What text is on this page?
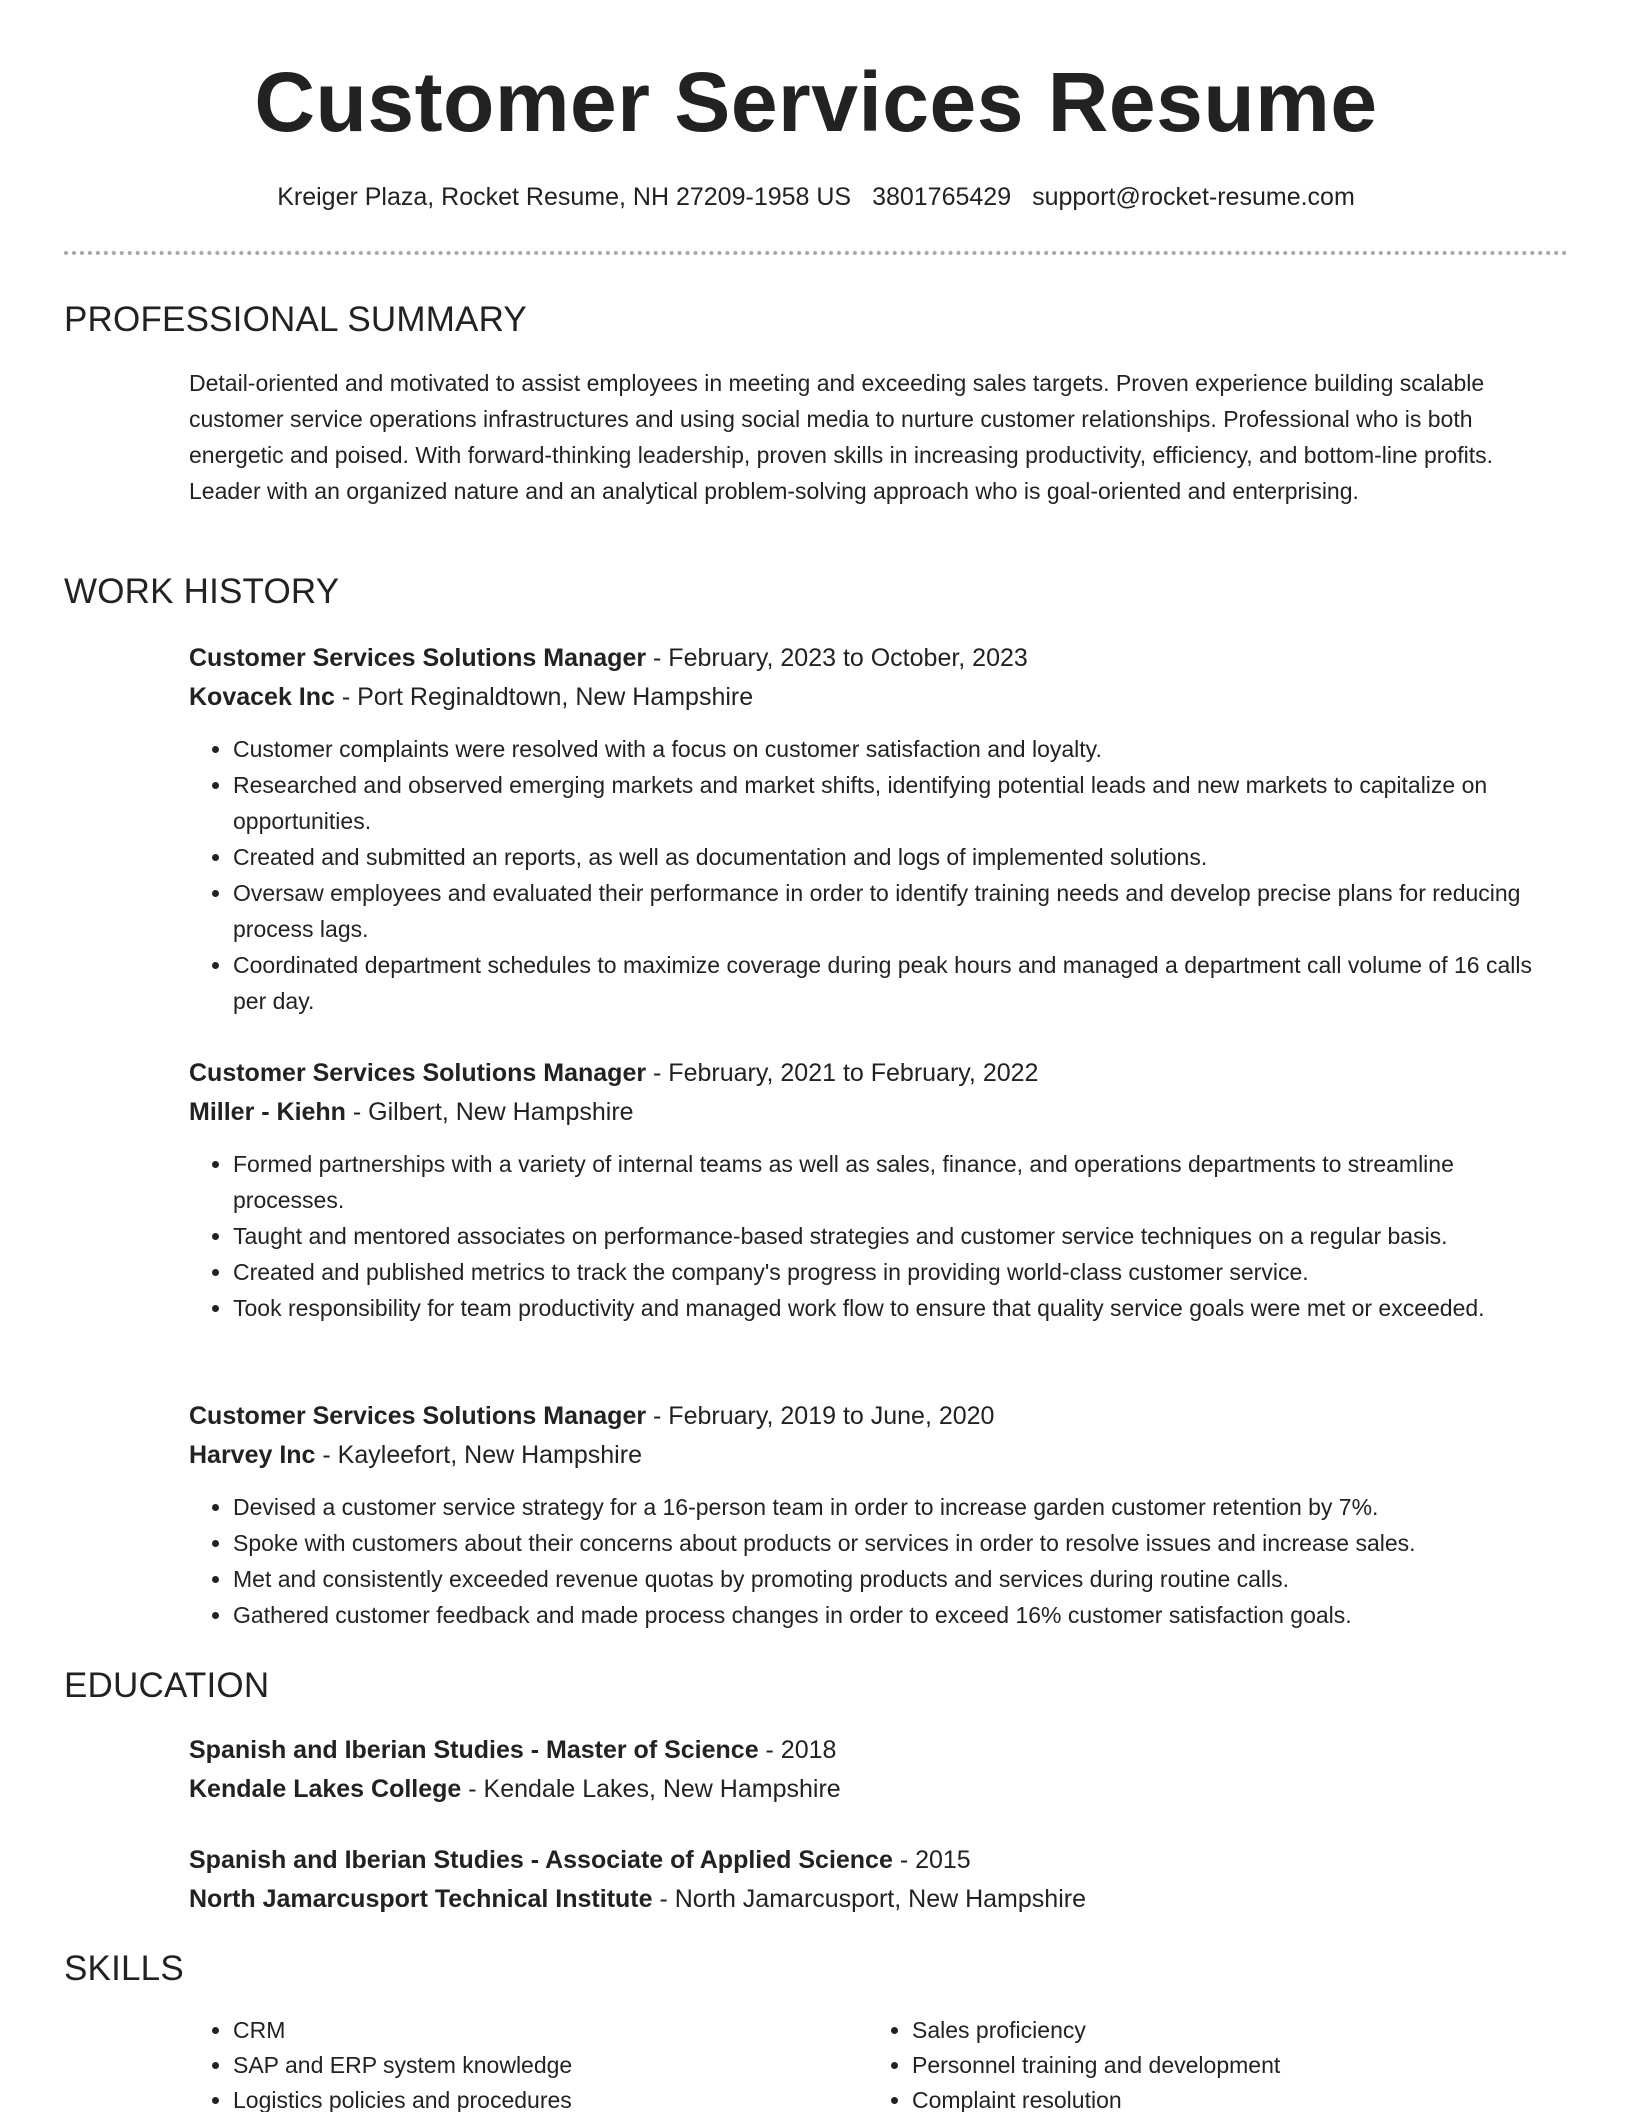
Customer Services Resume
Kreiger Plaza, Rocket Resume, NH 27209-1958 US 3801765429 support@rocket-resume.com
PROFESSIONAL SUMMARY

Detail-oriented and motivated to assist employees in meeting and exceeding sales targets. Proven experience building scalable customer service operations infrastructures and using social media to nurture customer relationships. Professional who is both energetic and poised. With forward-thinking leadership, proven skills in increasing productivity, efficiency, and bottom-line profits. Leader with an organized nature and an analytical problem-solving approach who is goal-oriented and enterprising.

WORK HISTORY

Customer Services Solutions Manager - February, 2023 to October, 2023

Kovacek Inc - Port Reginaldtown, New Hampshire

• Customer complaints were resolved with a focus on customer satisfaction and loyalty.
• Researched and observed emerging markets and market shifts, identifying potential leads and new markets to capitalize on opportunities.
• Created and submitted an reports, as well as documentation and logs of implemented solutions.
• Oversaw employees and evaluated their performance in order to identify training needs and develop precise plans for reducing process lags.
• Coordinated department schedules to maximize coverage during peak hours and managed a department call volume of 16 calls per day.

Customer Services Solutions Manager - February, 2021 to February, 2022

Miller - Kiehn - Gilbert, New Hampshire

• Formed partnerships with a variety of internal teams as well as sales, finance, and operations departments to streamline processes.
• Taught and mentored associates on performance-based strategies and customer service techniques on a regular basis.
• Created and published metrics to track the company's progress in providing world-class customer service.
• Took responsibility for team productivity and managed work flow to ensure that quality service goals were met or exceeded.

Customer Services Solutions Manager - February, 2019 to June, 2020

Harvey Inc - Kayleefort, New Hampshire

• Devised a customer service strategy for a 16-person team in order to increase garden customer retention by 7%.
• Spoke with customers about their concerns about products or services in order to resolve issues and increase sales.
• Met and consistently exceeded revenue quotas by promoting products and services during routine calls.
• Gathered customer feedback and made process changes in order to exceed 16% customer satisfaction goals.
EDUCATION

Spanish and Iberian Studies - Master of Science - 2018

Kendale Lakes College - Kendale Lakes, New Hampshire

Spanish and Iberian Studies - Associate of Applied Science - 2015

North Jamarcusport Technical Institute - North Jamarcusport, New Hampshire

SKILLS
• CRM
• SAP and ERP system knowledge
• Logistics policies and procedures
• Sales proficiency
• Personnel training and development
• Complaint resolution
